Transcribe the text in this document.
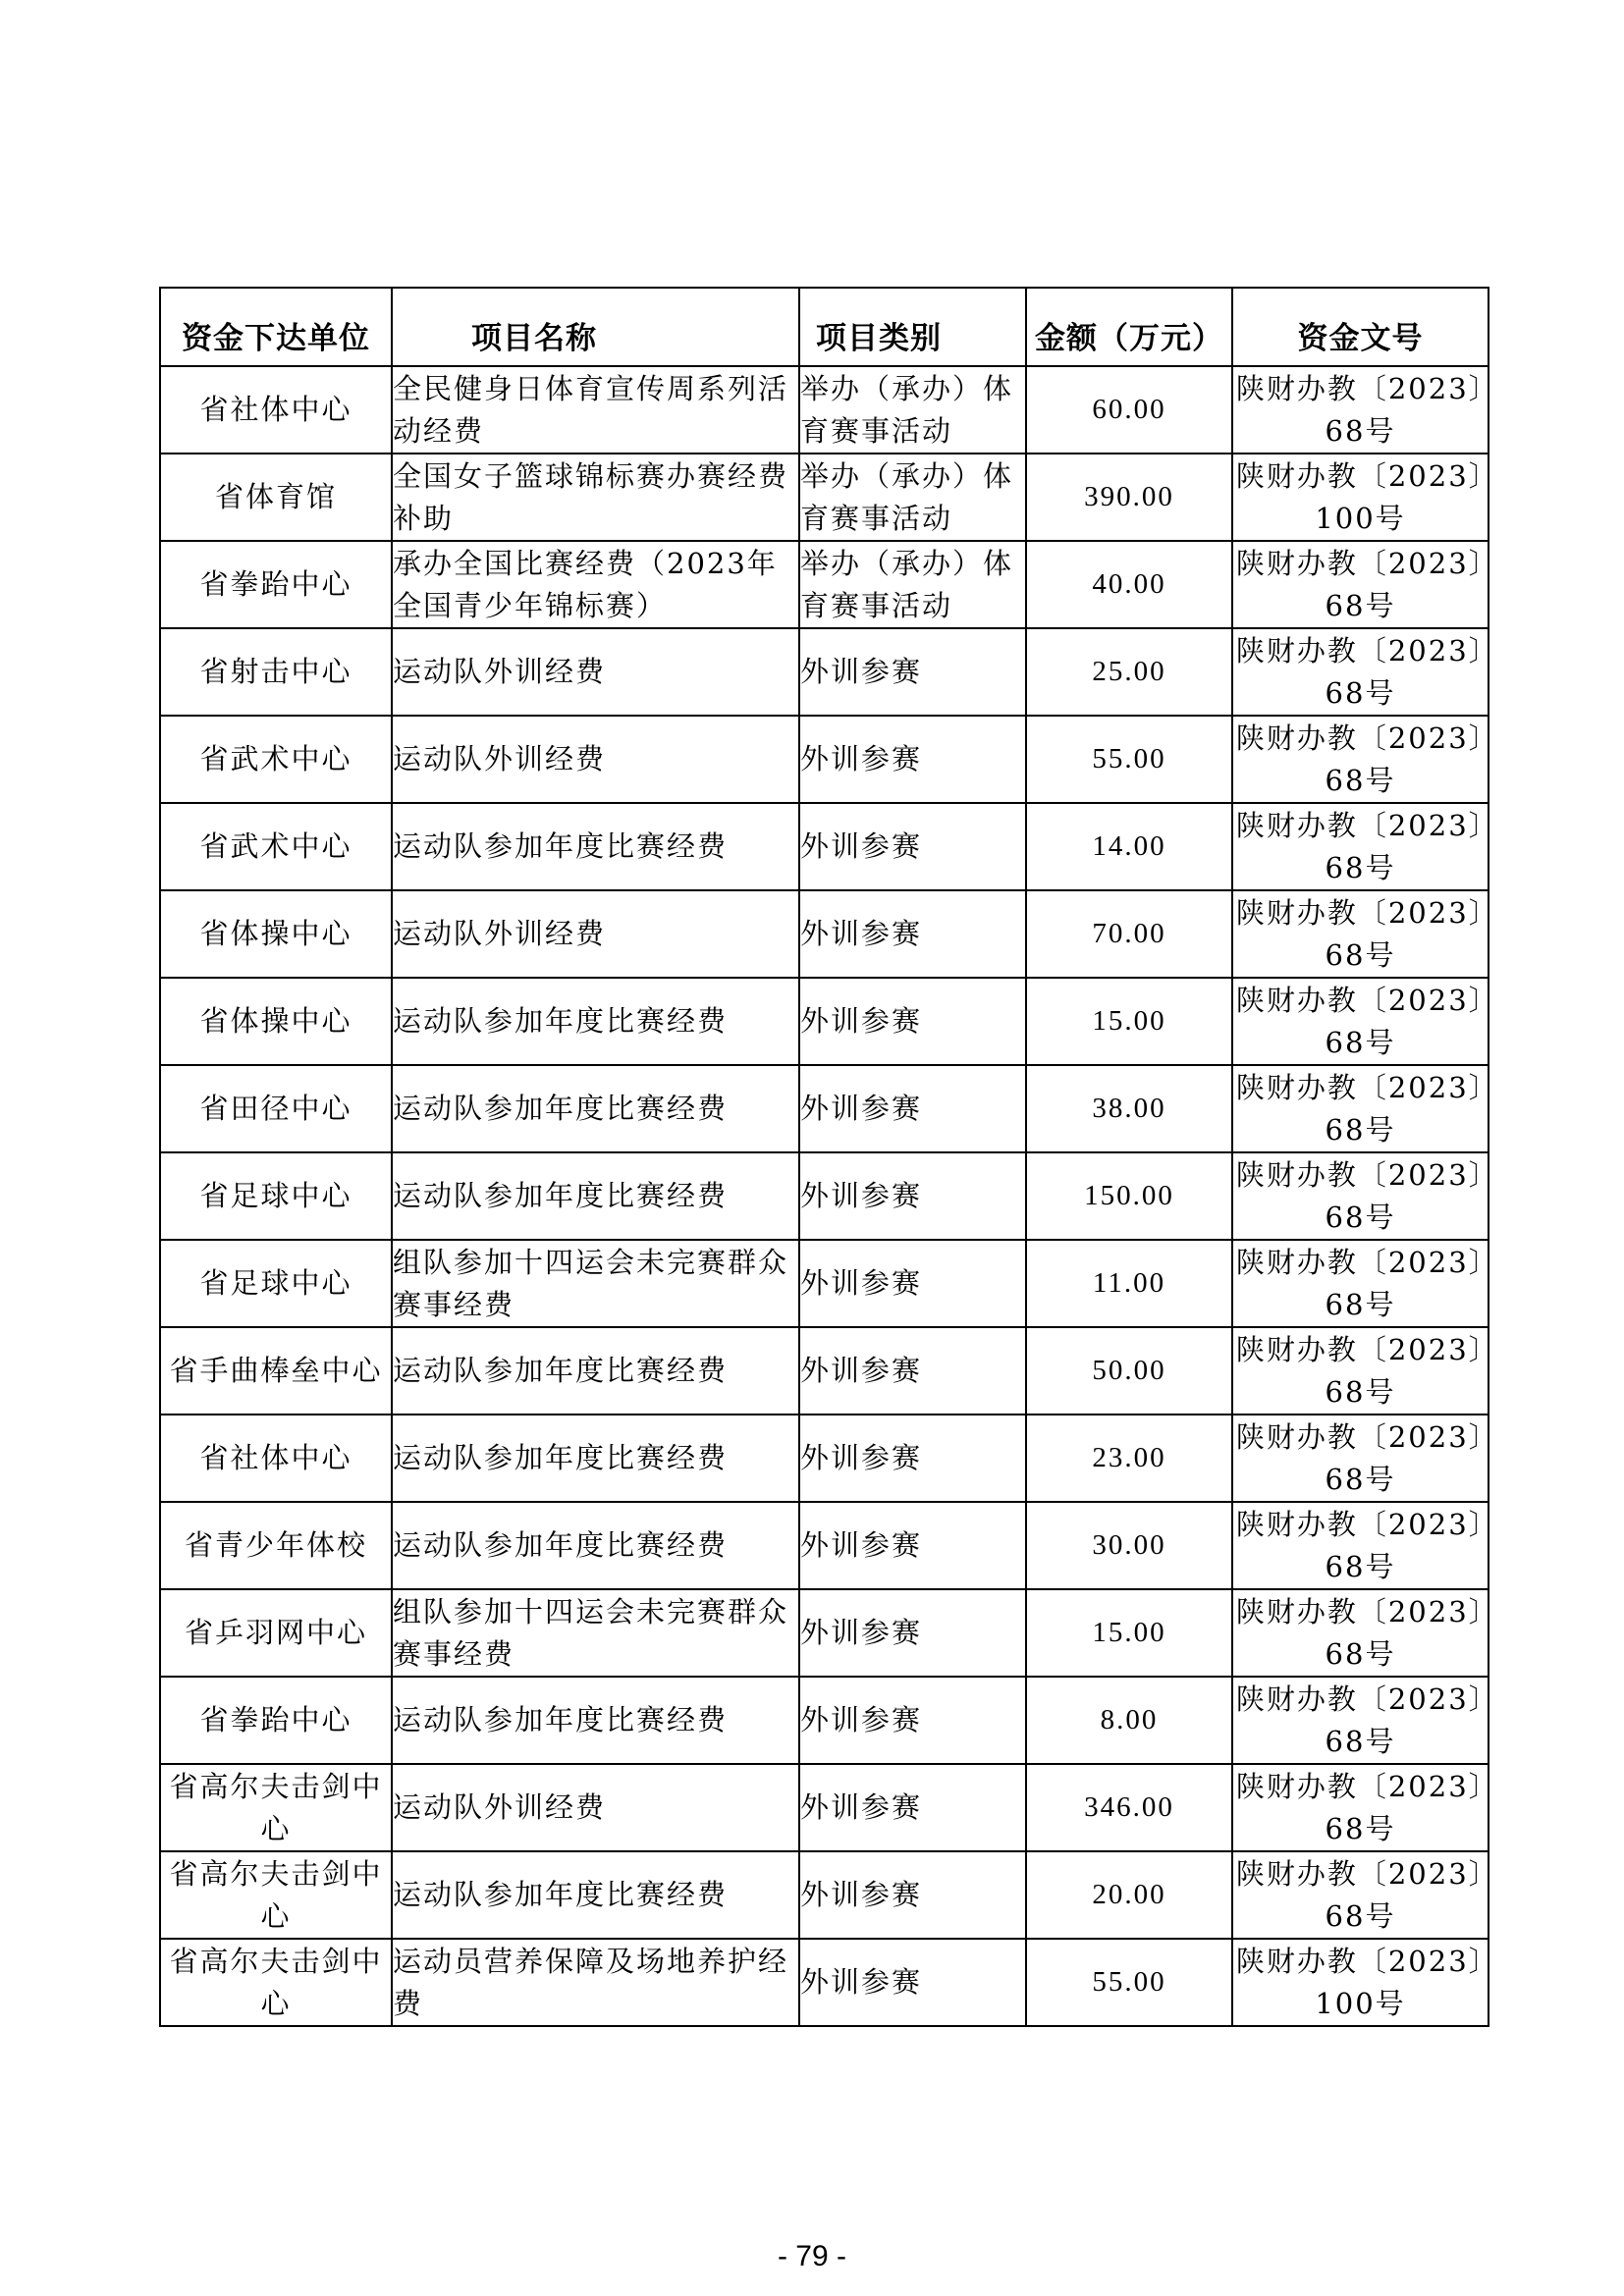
资金下达单位	项目名称	项目类别	金额（万元）	资金文号
省社体中心	全民健身日体育宣传周系列活动经费	举办（承办）体育赛事活动	60.00	陕财办教〔2023〕68号
省体育馆	全国女子篮球锦标赛办赛经费补助	举办（承办）体育赛事活动	390.00	陕财办教〔2023〕100号
省拳跆中心	承办全国比赛经费（2023年全国青少年锦标赛）	举办（承办）体育赛事活动	40.00	陕财办教〔2023〕68号
省射击中心	运动队外训经费	外训参赛	25.00	陕财办教〔2023〕68号
省武术中心	运动队外训经费	外训参赛	55.00	陕财办教〔2023〕68号
省武术中心	运动队参加年度比赛经费	外训参赛	14.00	陕财办教〔2023〕68号
省体操中心	运动队外训经费	外训参赛	70.00	陕财办教〔2023〕68号
省体操中心	运动队参加年度比赛经费	外训参赛	15.00	陕财办教〔2023〕68号
省田径中心	运动队参加年度比赛经费	外训参赛	38.00	陕财办教〔2023〕68号
省足球中心	运动队参加年度比赛经费	外训参赛	150.00	陕财办教〔2023〕68号
省足球中心	组队参加十四运会未完赛群众赛事经费	外训参赛	11.00	陕财办教〔2023〕68号
省手曲棒垒中心	运动队参加年度比赛经费	外训参赛	50.00	陕财办教〔2023〕68号
省社体中心	运动队参加年度比赛经费	外训参赛	23.00	陕财办教〔2023〕68号
省青少年体校	运动队参加年度比赛经费	外训参赛	30.00	陕财办教〔2023〕68号
省乒羽网中心	组队参加十四运会未完赛群众赛事经费	外训参赛	15.00	陕财办教〔2023〕68号
省拳跆中心	运动队参加年度比赛经费	外训参赛	8.00	陕财办教〔2023〕68号
省高尔夫击剑中心	运动队外训经费	外训参赛	346.00	陕财办教〔2023〕68号
省高尔夫击剑中心	运动队参加年度比赛经费	外训参赛	20.00	陕财办教〔2023〕68号
省高尔夫击剑中心	运动员营养保障及场地养护经费	外训参赛	55.00	陕财办教〔2023〕100号
- 79 -
